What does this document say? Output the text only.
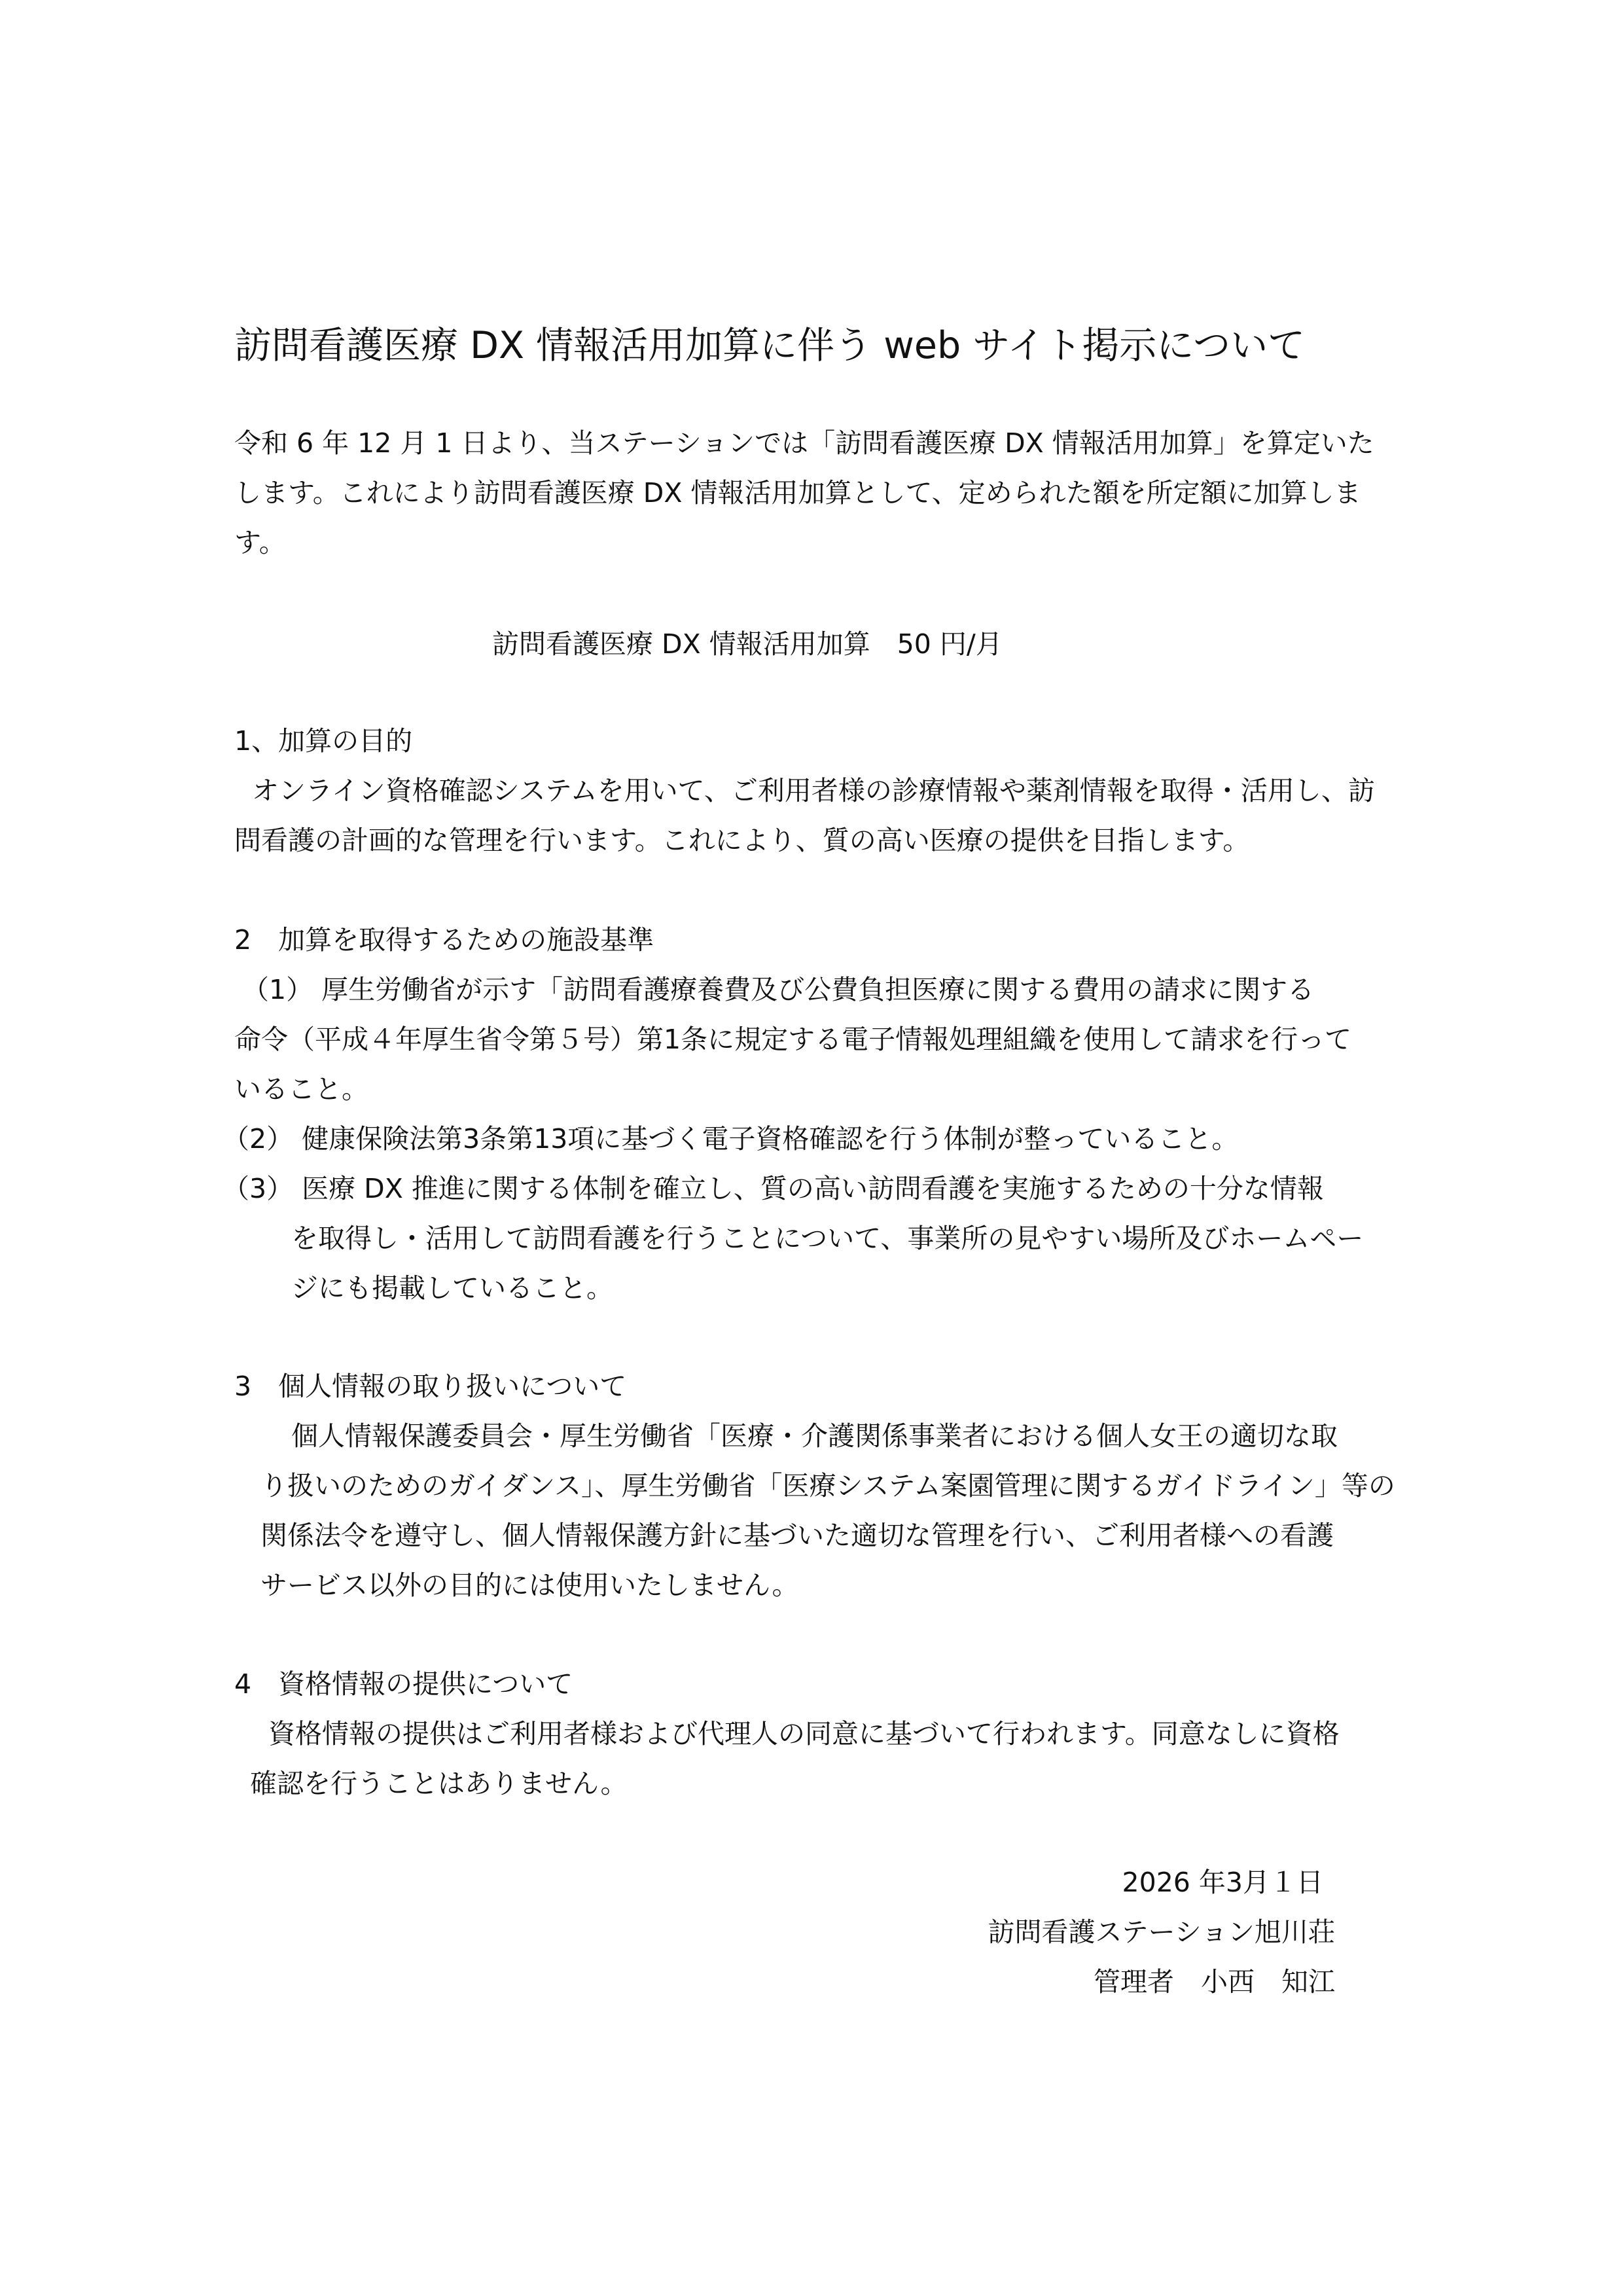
訪問看護医療 DX 情報活用加算に伴う web サイト掲示について
令和 6 年 12 月 1 日より、当ステーションでは「訪問看護医療 DX 情報活用加算」を算定いた
します。これにより訪問看護医療 DX 情報活用加算として、定められた額を所定額に加算しま
す。
訪問看護医療 DX 情報活用加算　50 円/月
1、加算の目的
オンライン資格確認システムを用いて、ご利用者様の診療情報や薬剤情報を取得・活用し、訪
問看護の計画的な管理を行います。これにより、質の高い医療の提供を目指します。
2　加算を取得するための施設基準
（1） 厚生労働省が示す「訪問看護療養費及び公費負担医療に関する費用の請求に関する
命令（平成４年厚生省令第５号）第1条に規定する電子情報処理組織を使用して請求を行って
いること。
（2） 健康保険法第3条第13項に基づく電子資格確認を行う体制が整っていること。
（3） 医療 DX 推進に関する体制を確立し、質の高い訪問看護を実施するための十分な情報
を取得し・活用して訪問看護を行うことについて、事業所の見やすい場所及びホームペー
ジにも掲載していること。
3　個人情報の取り扱いについて
個人情報保護委員会・厚生労働省「医療・介護関係事業者における個人女王の適切な取
り扱いのためのガイダンス」、厚生労働省「医療システム案園管理に関するガイドライン」等の
関係法令を遵守し、個人情報保護方針に基づいた適切な管理を行い、ご利用者様への看護
サービス以外の目的には使用いたしません。
4　資格情報の提供について
資格情報の提供はご利用者様および代理人の同意に基づいて行われます。同意なしに資格
確認を行うことはありません。
2026 年3月１日
訪問看護ステーション旭川荘
管理者　小西　知江
